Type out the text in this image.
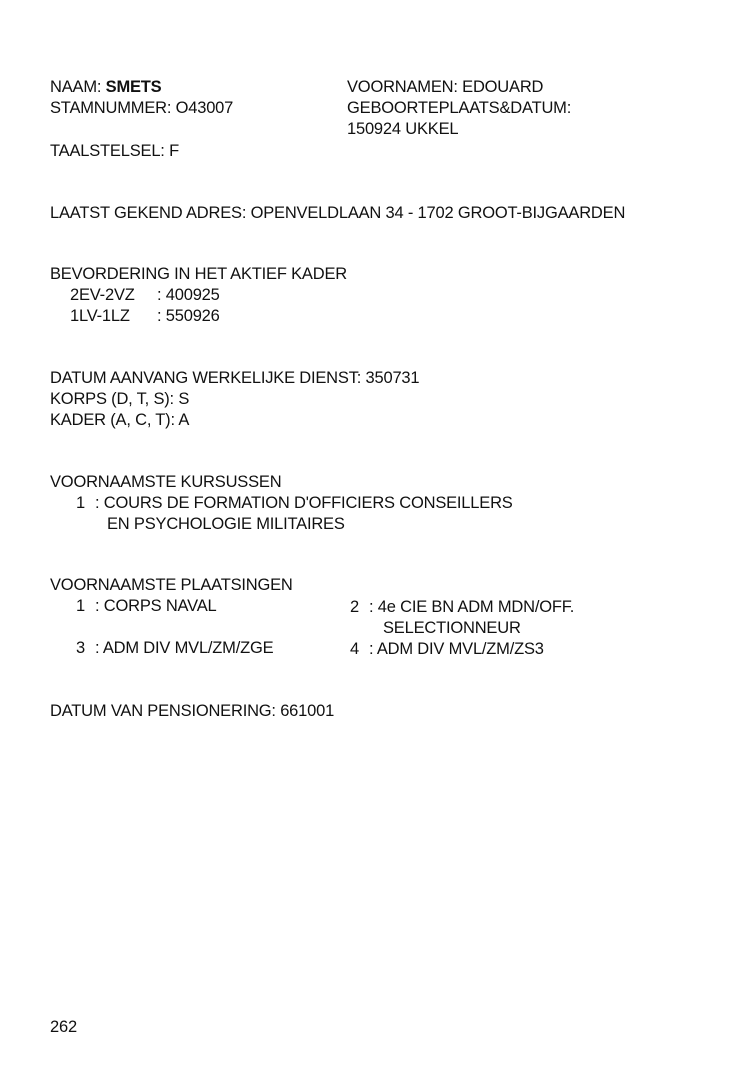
NAAM: SMETS
STAMNUMMER: O43007
VOORNAMEN: EDOUARD
GEBOORTEPLAATS&DATUM:
150924 UKKEL
TAALSTELSEL: F
LAATST GEKEND ADRES: OPENVELDLAAN 34 - 1702 GROOT-BIJGAARDEN
BEVORDERING IN HET AKTIEF KADER
2EV-2VZ : 400925
1LV-1LZ : 550926
DATUM AANVANG WERKELIJKE DIENST: 350731
KORPS (D, T, S): S
KADER (A, C, T): A
VOORNAAMSTE KURSUSSEN
1 : COURS DE FORMATION D'OFFICIERS CONSEILLERS
EN PSYCHOLOGIE MILITAIRES
VOORNAAMSTE PLAATSINGEN
1 : CORPS NAVAL	2 : 4e CIE BN ADM MDN/OFF.
SELECTIONNEUR
3 : ADM DIV MVL/ZM/ZGE	4 : ADM DIV MVL/ZM/ZS3
DATUM VAN PENSIONERING: 661001
262
